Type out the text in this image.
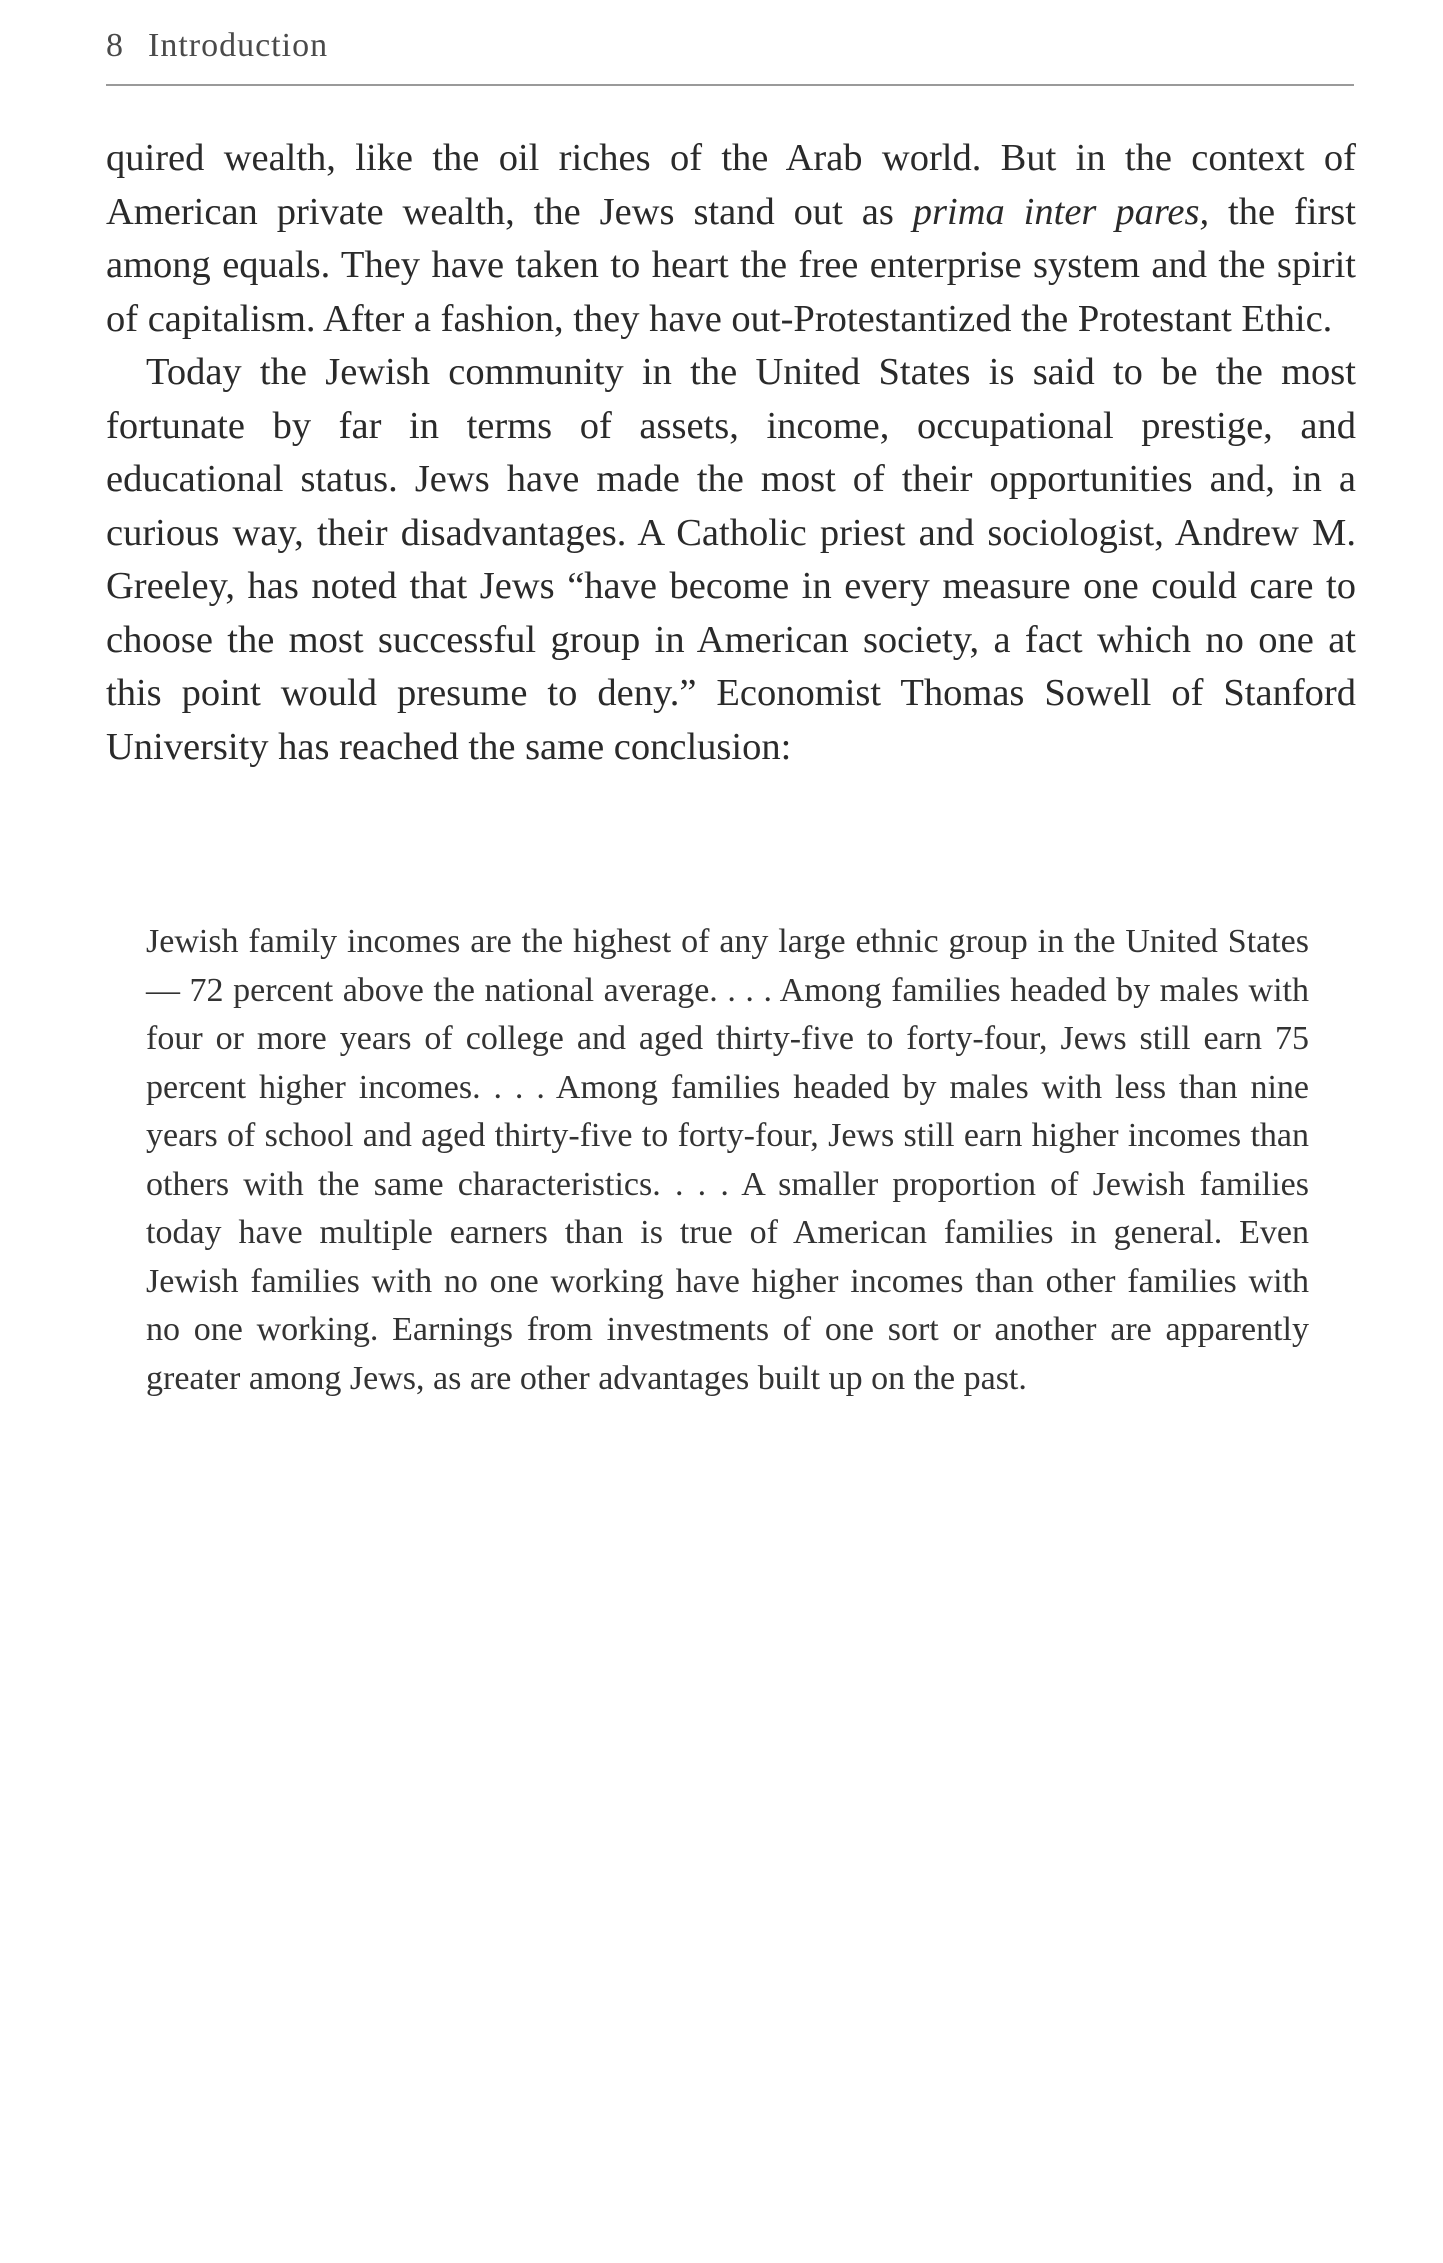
8 Introduction

quired wealth, like the oil riches of the Arab world. But in the context of American private wealth, the Jews stand out as prima inter pares, the first among equals. They have taken to heart the free enterprise system and the spirit of capitalism. After a fashion, they have out-Protestantized the Protestant Ethic.

Today the Jewish community in the United States is said to be the most fortunate by far in terms of assets, income, occupational prestige, and educational status. Jews have made the most of their opportunities and, in a curious way, their disadvantages. A Catholic priest and sociologist, Andrew M. Greeley, has noted that Jews “have become in every measure one could care to choose the most successful group in American society, a fact which no one at this point would presume to deny.” Economist Thomas Sowell of Stanford University has reached the same conclusion:

Jewish family incomes are the highest of any large ethnic group in the United States — 72 percent above the national average. . . . Among families headed by males with four or more years of college and aged thirty-five to forty-four, Jews still earn 75 percent higher incomes. . . . Among families headed by males with less than nine years of school and aged thirty-five to forty-four, Jews still earn higher incomes than others with the same characteristics. . . . A smaller proportion of Jewish families today have multiple earners than is true of American families in general. Even Jewish families with no one working have higher incomes than other families with no one working. Earnings from investments of one sort or another are apparently greater among Jews, as are other advantages built up on the past.
